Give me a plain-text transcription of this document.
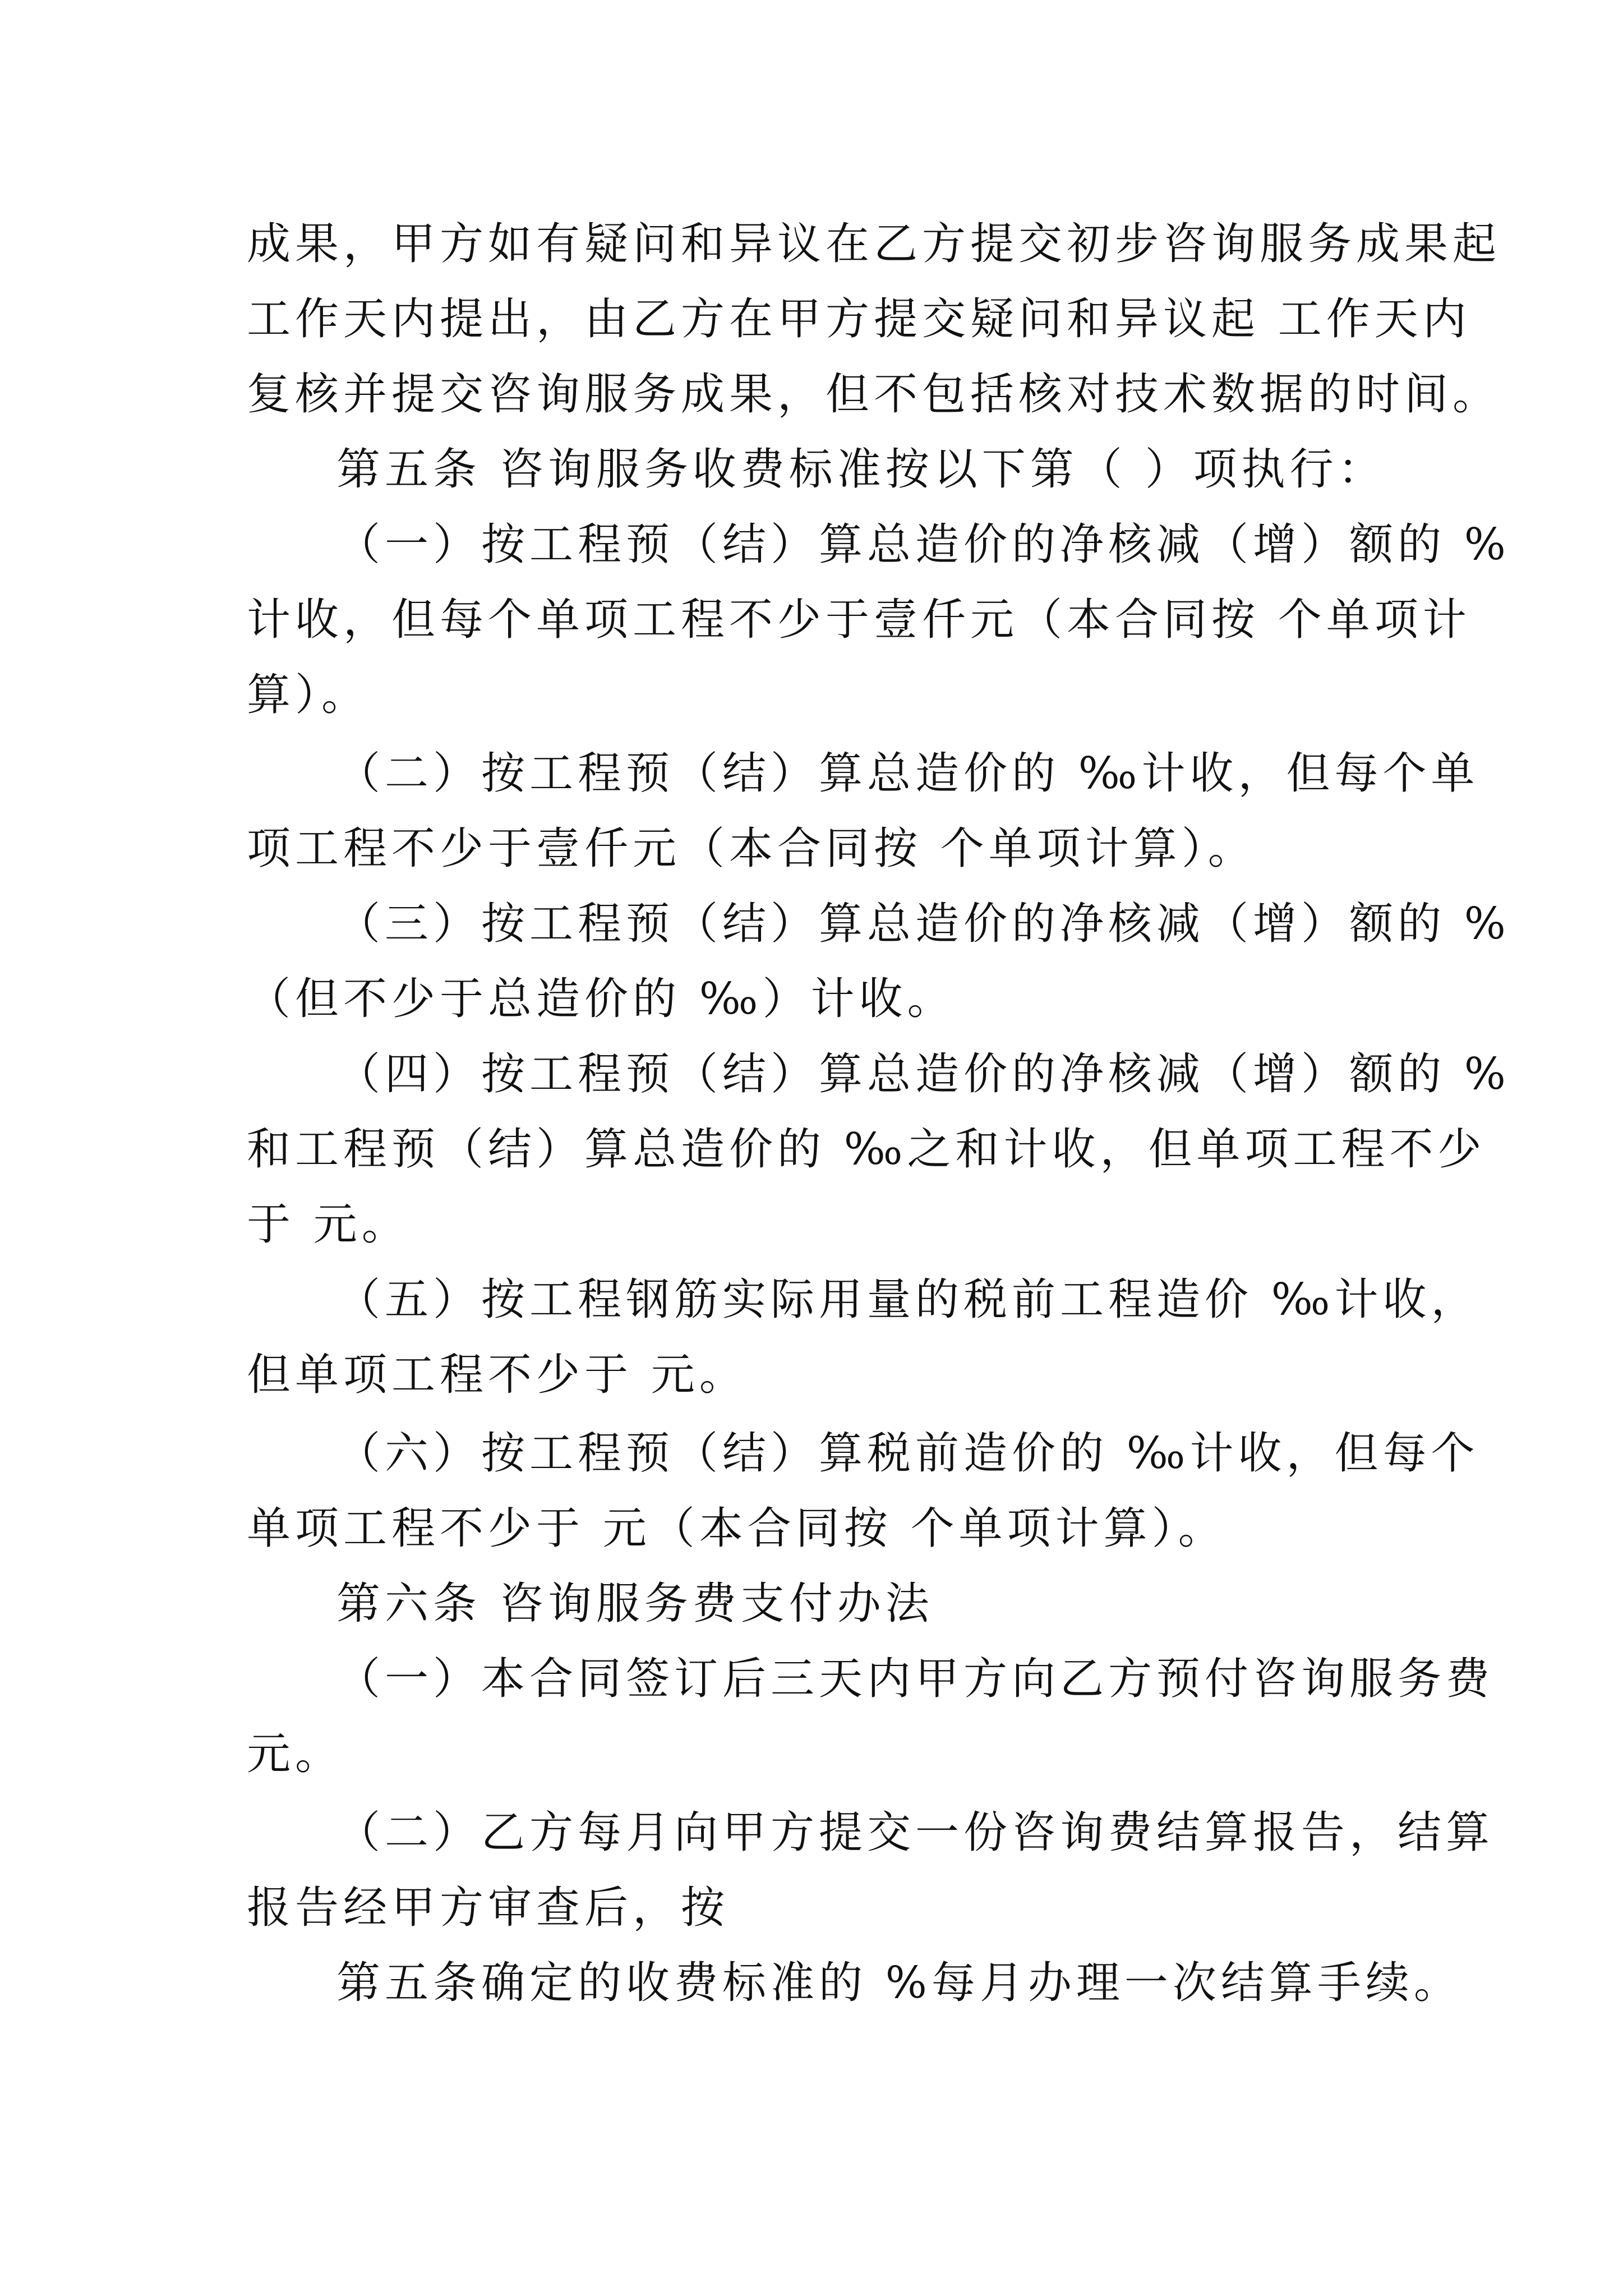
成果，甲方如有疑问和异议在乙方提交初步咨询服务成果起
工作天内提出，由乙方在甲方提交疑问和异议起 工作天内
复核并提交咨询服务成果，但不包括核对技术数据的时间。
第五条 咨询服务收费标准按以下第（ ）项执行：
（一）按工程预（结）算总造价的净核减（增）额的 %
计收，但每个单项工程不少于壹仟元（本合同按 个单项计
算）。
（二）按工程预（结）算总造价的 ‰计收，但每个单
项工程不少于壹仟元（本合同按 个单项计算）。
（三）按工程预（结）算总造价的净核减（增）额的 %
（但不少于总造价的 ‰）计收。
（四）按工程预（结）算总造价的净核减（增）额的 %
和工程预（结）算总造价的 ‰之和计收，但单项工程不少
于 元。
（五）按工程钢筋实际用量的税前工程造价 ‰计收，
但单项工程不少于 元。
（六）按工程预（结）算税前造价的 ‰计收，但每个
单项工程不少于 元（本合同按 个单项计算）。
第六条 咨询服务费支付办法
（一）本合同签订后三天内甲方向乙方预付咨询服务费
元。
（二）乙方每月向甲方提交一份咨询费结算报告，结算
报告经甲方审查后，按
第五条确定的收费标准的 %每月办理一次结算手续。
